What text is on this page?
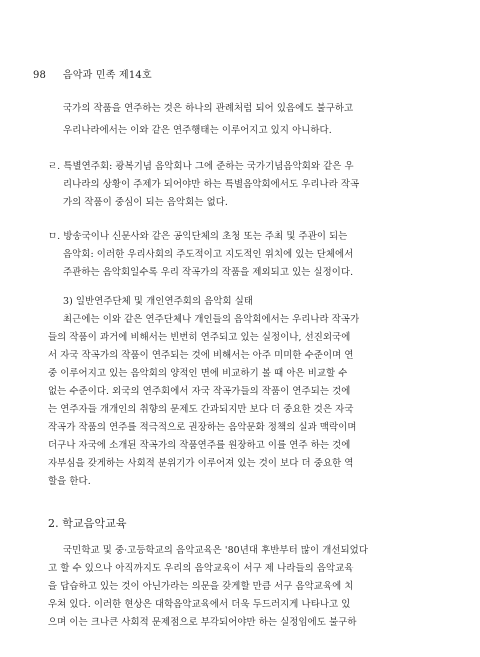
98 음악과 민족 제14호
국가의 작품을 연주하는 것은 하나의 관례처럼 되어 있음에도 불구하고
우리나라에서는 이와 같은 연주행태는 이루어지고 있지 아니하다.
ㄹ. 특별연주회: 광복기념 음악회나 그에 준하는 국가기념음악회와 같은 우
리나라의 상황이 주제가 되어야만 하는 특별음악회에서도 우리나라 작곡
가의 작품이 중심이 되는 음악회는 없다.
ㅁ. 방송국이나 신문사와 같은 공익단체의 초청 또는 주최 및 주관이 되는
음악회: 이러한 우리사회의 주도적이고 지도적인 위치에 있는 단체에서
주관하는 음악회일수록 우리 작곡가의 작품을 제외되고 있는 실정이다.
3) 일반연주단체 및 개인연주회의 음악회 실태
최근에는 이와 같은 연주단체나 개인들의 음악회에서는 우리나라 작곡가
들의 작품이 과거에 비해서는 빈번히 연주되고 있는 실정이나, 선진외국에
서 자국 작곡가의 작품이 연주되는 것에 비해서는 아주 미미한 수준이며 연
중 이루어지고 있는 음악회의 양적인 면에 비교하기 볼 때 아은 비교할 수
없는 수준이다. 외국의 연주회에서 자국 작곡가들의 작품이 연주되는 것에
는 연주자들 개개인의 취향의 문제도 간과되지만 보다 더 중요한 것은 자국
작곡가 작품의 연주를 적극적으로 권장하는 음악문화 정책의 실과 맥락이며
더구나 자국에 소개된 작곡가의 작품연주를 원장하고 이를 연주 하는 것에
자부심을 갖게하는 사회적 분위기가 이루어져 있는 것이 보다 더 중요한 역
할을 한다.
2. 학교음악교육
국민학교 및 중·고등학교의 음악교육은 '80년대 후반부터 많이 개선되었다
고 할 수 있으나 아직까지도 우리의 음악교육이 서구 제 나라들의 음악교육
을 답습하고 있는 것이 아닌가라는 의문을 갖게할 만큼 서구 음악교육에 치
우쳐 있다. 이러한 현상은 대학음악교육에서 더욱 두드러지게 나타나고 있
으며 이는 크나큰 사회적 문제점으로 부각되어야만 하는 실정임에도 불구하
